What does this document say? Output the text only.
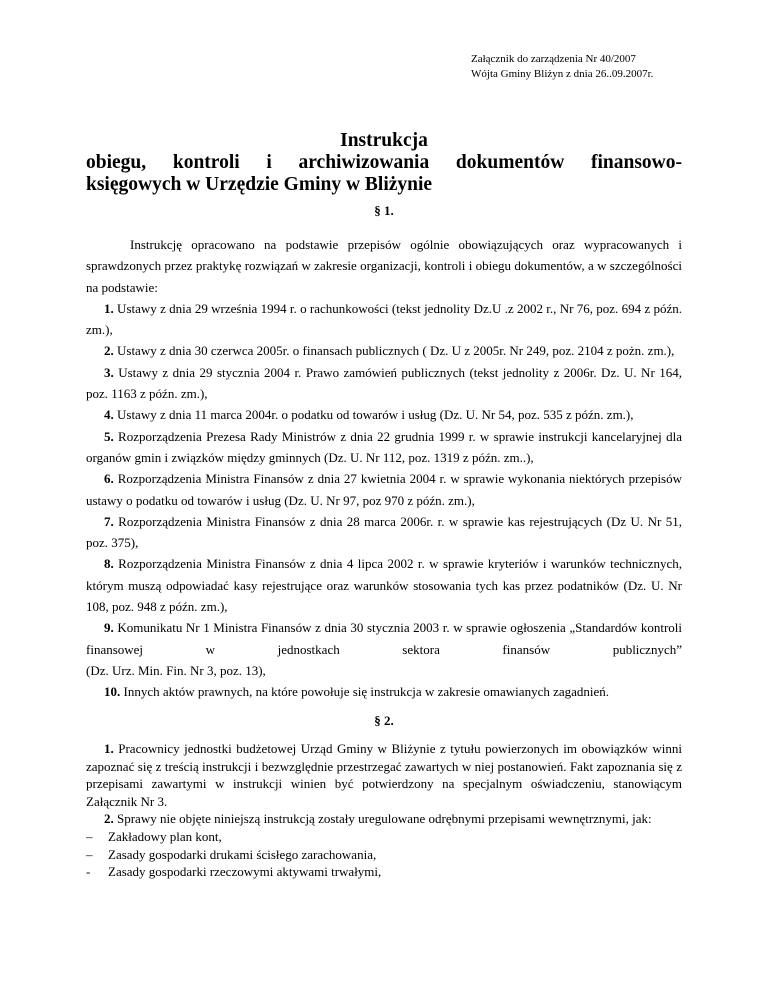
Załącznik do zarządzenia Nr 40/2007
Wójta Gminy Bliżyn z dnia 26..09.2007r.
Instrukcja
obiegu, kontroli i archiwizowania dokumentów finansowo-
księgowych w Urzędzie Gminy w Bliżynie
§ 1.

Instrukcję opracowano na podstawie przepisów ogólnie obowiązujących oraz wypracowanych i sprawdzonych przez praktykę rozwiązań w zakresie organizacji, kontroli i obiegu dokumentów, a w szczególności na podstawie:

1. Ustawy z dnia 29 września 1994 r. o rachunkowości (tekst jednolity Dz.U .z 2002 r., Nr 76, poz. 694 z późn. zm.),

2. Ustawy z dnia 30 czerwca 2005r. o finansach publicznych ( Dz. U z 2005r. Nr 249, poz. 2104 z pożn. zm.),

3. Ustawy z dnia 29 stycznia 2004 r. Prawo zamówień publicznych (tekst jednolity z 2006r. Dz. U. Nr 164, poz. 1163 z późn. zm.),

4. Ustawy z dnia 11 marca 2004r. o podatku od towarów i usług (Dz. U. Nr 54, poz. 535 z późn. zm.),

5. Rozporządzenia Prezesa Rady Ministrów z dnia 22 grudnia 1999 r. w sprawie instrukcji kancelaryjnej dla organów gmin i związków między gminnych (Dz. U. Nr 112, poz. 1319 z późn. zm..),

6. Rozporządzenia Ministra Finansów z dnia 27 kwietnia 2004 r. w sprawie wykonania niektórych przepisów ustawy o podatku od towarów i usług (Dz. U. Nr 97, poz 970 z późn. zm.),

7. Rozporządzenia Ministra Finansów z dnia 28 marca 2006r. r. w sprawie kas rejestrujących (Dz U. Nr 51, poz. 375),

8. Rozporządzenia Ministra Finansów z dnia 4 lipca 2002 r. w sprawie kryteriów i warunków technicznych, którym muszą odpowiadać kasy rejestrujące oraz warunków stosowania tych kas przez podatników (Dz. U. Nr 108, poz. 948 z późn. zm.),

9. Komunikatu Nr 1 Ministra Finansów z dnia 30 stycznia 2003 r. w sprawie ogłoszenia „Standardów kontroli finansowej w jednostkach sektora finansów publicznych”

(Dz. Urz. Min. Fin. Nr 3, poz. 13),

10. Innych aktów prawnych, na które powołuje się instrukcja w zakresie omawianych zagadnień.

§ 2.

1. Pracownicy jednostki budżetowej Urząd Gminy w Bliżynie z tytułu powierzonych im obowiązków winni zapoznać się z treścią instrukcji i bezwzględnie przestrzegać zawartych w niej postanowień. Fakt zapoznania się z przepisami zawartymi w instrukcji winien być potwierdzony na specjalnym oświadczeniu, stanowiącym Załącznik Nr 3.

2. Sprawy nie objęte niniejszą instrukcją zostały uregulowane odrębnymi przepisami wewnętrznymi, jak:

–	Zakładowy plan kont,
–	Zasady gospodarki drukami ścisłego zarachowania,
-	Zasady gospodarki rzeczowymi aktywami trwałymi,
